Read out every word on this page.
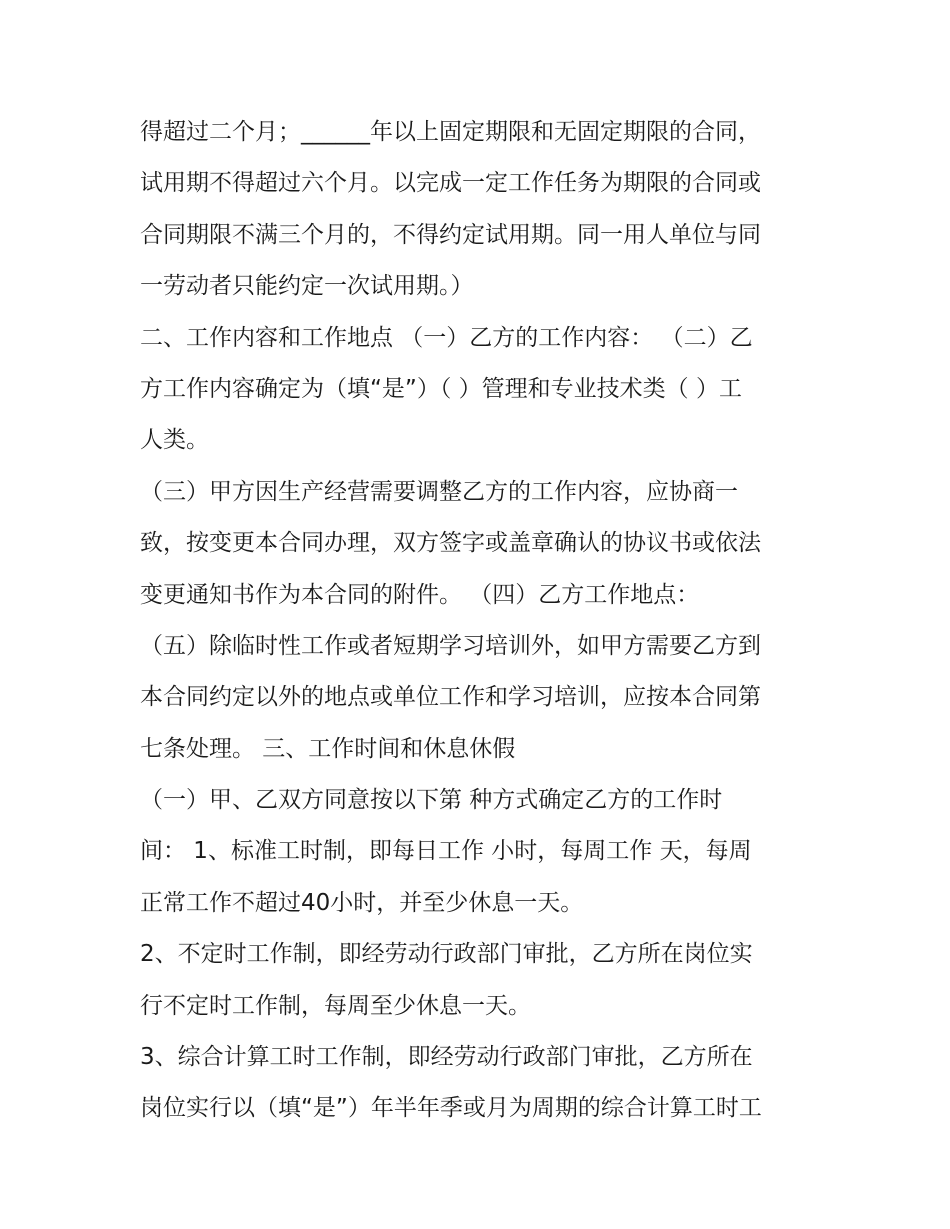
得超过二个月；______年以上固定期限和无固定期限的合同，
试用期不得超过六个月。以完成一定工作任务为期限的合同或
合同期限不满三个月的，不得约定试用期。同一用人单位与同
一劳动者只能约定一次试用期。）
二、工作内容和工作地点 （一）乙方的工作内容： （二）乙
方工作内容确定为（填“是”）（ ）管理和专业技术类（ ）工
人类。
（三）甲方因生产经营需要调整乙方的工作内容，应协商一
致，按变更本合同办理，双方签字或盖章确认的协议书或依法
变更通知书作为本合同的附件。 （四）乙方工作地点：
（五）除临时性工作或者短期学习培训外，如甲方需要乙方到
本合同约定以外的地点或单位工作和学习培训，应按本合同第
七条处理。 三、工作时间和休息休假
（一）甲、乙双方同意按以下第 种方式确定乙方的工作时
间： 1、标准工时制，即每日工作 小时，每周工作 天，每周
正常工作不超过40小时，并至少休息一天。
2、不定时工作制，即经劳动行政部门审批，乙方所在岗位实
行不定时工作制，每周至少休息一天。
3、综合计算工时工作制，即经劳动行政部门审批，乙方所在
岗位实行以（填“是”）年半年季或月为周期的综合计算工时工
